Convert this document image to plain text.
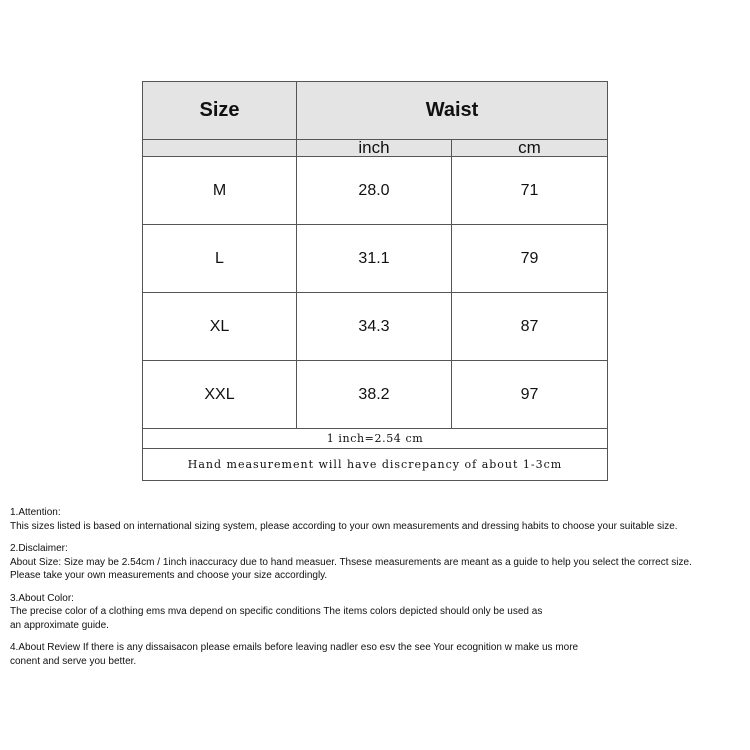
Size	Waist	
	inch	cm
M	28.0	71
L	31.1	79
XL	34.3	87
XXL	38.2	97
1 inch=2.54 cm		
Hand measurement will have discrepancy of about 1-3cm		
1.Attention:
This sizes listed is based on international sizing system, please according to your own measurements and dressing habits to choose your suitable size.
2.Disclaimer:
About Size: Size may be 2.54cm / 1inch inaccuracy due to hand measuer. Thsese measurements are meant as a guide to help you select the correct size.
Please take your own measurements and choose your size accordingly.
3.About Color:
The precise color of a clothing ems mva depend on specific conditions The items colors depicted should only be used as
an approximate guide.
4.About Review If there is any dissaisacon please emails before leaving nadler eso esv the see Your ecognition w make us more
conent and serve you better.
